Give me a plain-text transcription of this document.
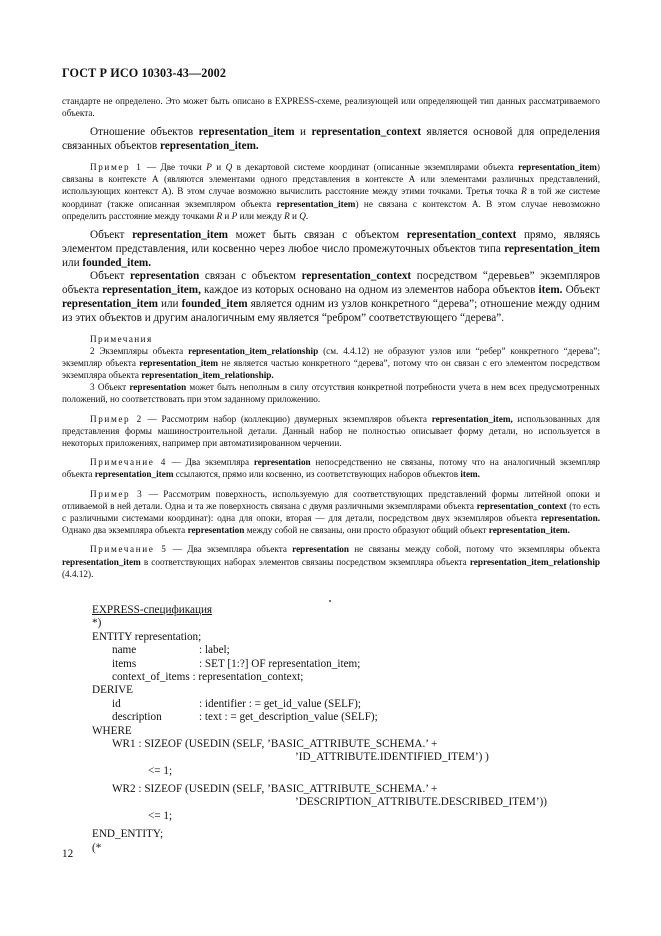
ГОСТ Р ИСО 10303-43—2002

стандарте не определено. Это может быть описано в EXPRESS-схеме, реализующей или определяющей тип данных рассматриваемого объекта.

Отношение объектов representation_item и representation_context является основой для определения связанных объектов representation_item.

Пример 1 — Две точки P и Q в декартовой системе координат (описанные экземплярами объекта representation_item) связаны в контексте А (являются элементами одного представления в контексте А или элементами различных представлений, использующих контекст А). В этом случае возможно вычислить расстояние между этими точками. Третья точка R в той же системе координат (также описанная экземпляром объекта representation_item) не связана с контекстом А. В этом случае невозможно определить расстояние между точками R и P или между R и Q.

Объект representation_item может быть связан с объектом representation_context прямо, являясь элементом представления, или косвенно через любое число промежуточных объектов типа representation_item или founded_item.

Объект representation связан с объектом representation_context посредством “деревьев” экземпляров объекта representation_item, каждое из которых основано на одном из элементов набора объектов item. Объект representation_item или founded_item является одним из узлов конкретного “дерева”; отношение между одним из этих объектов и другим аналогичным ему является “ребром” соответствующего “дерева”.

Примечания

2 Экземпляры объекта representation_item_relationship (см. 4.4.12) не образуют узлов или “ребер” конкретного “дерева”; экземпляр объекта representation_item не является частью конкретного “дерева”, потому что он связан с его элементом посредством экземпляра объекта representation_item_relationship.

3 Объект representation может быть неполным в силу отсутствия конкретной потребности учета в нем всех предусмотренных положений, но соответствовать при этом заданному приложению.

Пример 2 — Рассмотрим набор (коллекцию) двумерных экземпляров объекта representation_item, использованных для представления формы машиностроительной детали. Данный набор не полностью описывает форму детали, но используется в некоторых приложениях, например при автоматизированном черчении.

Примечание 4 — Два экземпляра representation непосредственно не связаны, потому что на аналогичный экземпляр объекта representation_item ссылаются, прямо или косвенно, из соответствующих наборов объектов item.

Пример 3 — Рассмотрим поверхность, используемую для соответствующих представлений формы литейной опоки и отливаемой в ней детали. Одна и та же поверхность связана с двумя различными экземплярами объекта representation_context (то есть с различными системами координат): одна для опоки, вторая — для детали, посредством двух экземпляров объекта representation. Однако два экземпляра объекта representation между собой не связаны, они просто образуют общий объект representation_item.

Примечание 5 — Два экземпляра объекта representation не связаны между собой, потому что экземпляры объекта representation_item в соответствующих наборах элементов связаны посредством экземпляра объекта representation_item_relationship (4.4.12).

EXPRESS-спецификация
*)
ENTITY representation;
name	: label;
items	: SET [1:?] OF representation_item;
context_of_items : representation_context;
DERIVE
id	: identifier : = get_id_value (SELF);
description	: text : = get_description_value (SELF);
WHERE
WR1 : SIZEOF (USEDIN (SELF, ’BASIC_ATTRIBUTE_SCHEMA.’ +
’ID_ATTRIBUTE.IDENTIFIED_ITEM’) )
<= 1;
WR2 : SIZEOF (USEDIN (SELF, ’BASIC_ATTRIBUTE_SCHEMA.’ +
’DESCRIPTION_ATTRIBUTE.DESCRIBED_ITEM’))
<= 1;
END_ENTITY;
(*
12
